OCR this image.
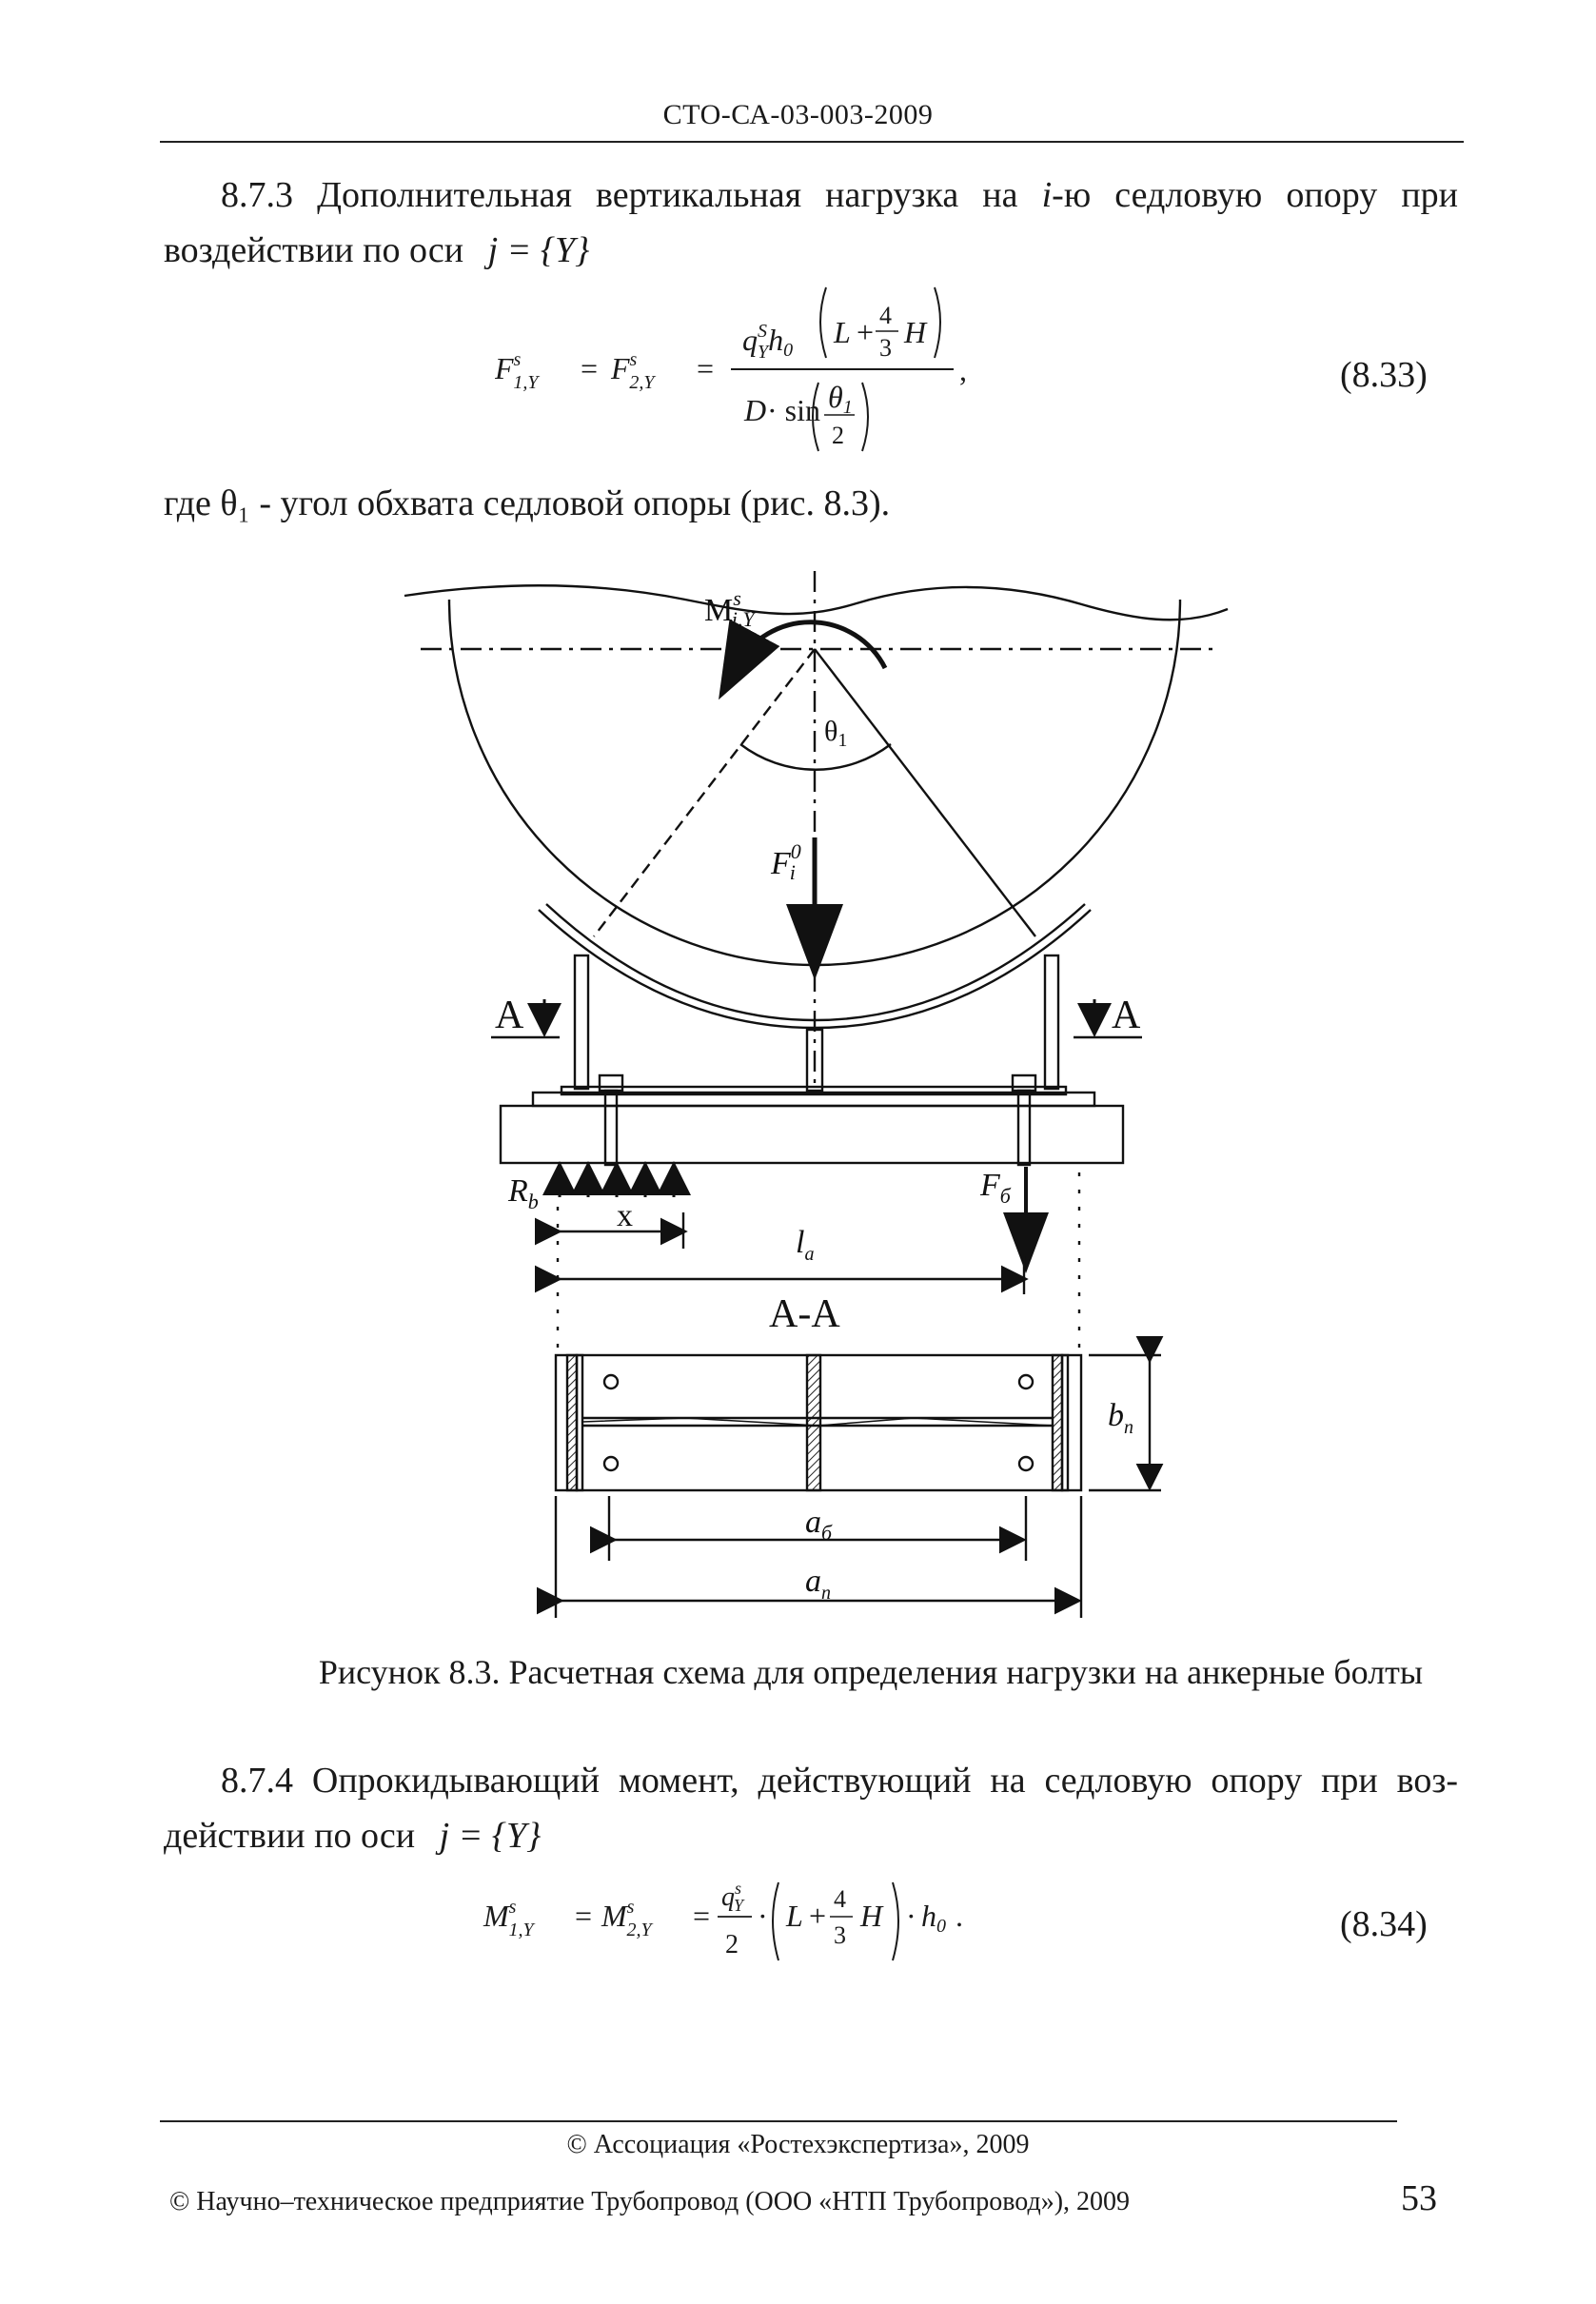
СТО-СА-03-003-2009
8.7.3 Дополнительная вертикальная нагрузка на i-ю седловую опору при
воздействии по оси j = {Y}
$F^s$ $1,Y = F^s$ 2,Y =
$q^S$ Yh0
L + 4
3 H
D · sin θ1
2
,	(8.33)
где θ₁ - угол обхвата седловой опоры (рис. 8.3).
$M^s$ i,Y
$\theta_1$
$F^0$ i
A	A
$R_b$	$F_б$
x
$l_a$
A-A
$b_n$
$a_б$
$a_n$
Рисунок 8.3. Расчетная схема для определения нагрузки на анкерные болты
8.7.4 Опрокидывающий момент, действующий на седловую опору при воз-
действии по оси j = {Y}
$M^s$ $1,Y = M^s$ 2,Y =
$q^s$ Y
2
· L + 4
3
H · h0 .	(8.34)
© Ассоциация «Ростехэкспертиза», 2009
© Научно–техническое предприятие Трубопровод (ООО «НТП Трубопровод»), 2009	53
